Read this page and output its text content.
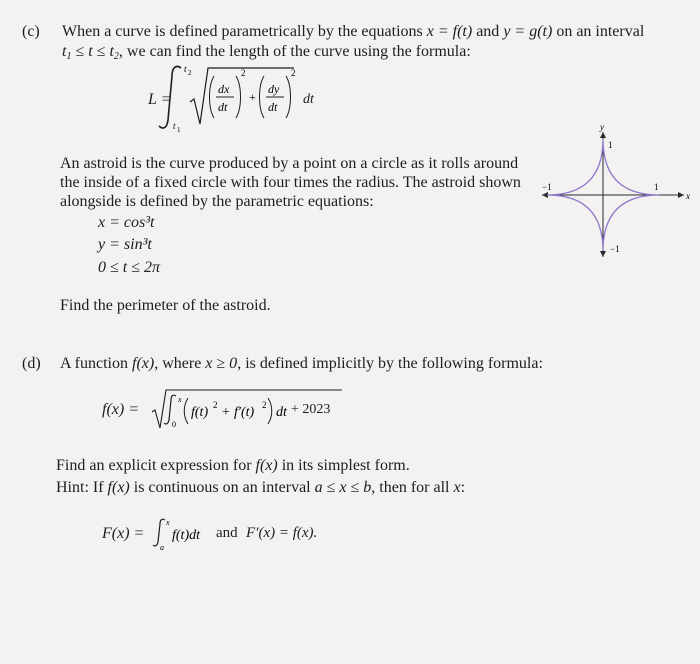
(c) When a curve is defined parametrically by the equations x = f(t) and y = g(t) on an interval
$t_1 \le t \le t_2$, we can find the length of the curve using the formula:
L =
t 2
t 1
dx
dt
2
+
dy
dt
2
dt
An astroid is the curve produced by a point on a circle as it rolls around
the inside of a fixed circle with four times the radius. The astroid shown
alongside is defined by the parametric equations:
x = cos³t
y = sin³t
0 ≤ t ≤ 2π
Find the perimeter of the astroid.
y
x
1
1
−1
−1
(d) A function f(x), where x ≥ 0, is defined implicitly by the following formula:
f(x) =
x
0
f(t) 2 + f′(t) 2 dt + 2023
Find an explicit expression for f(x) in its simplest form.
Hint: If f(x) is continuous on an interval a ≤ x ≤ b, then for all x:
F(x) =
x
a
f(t)dt and F′(x) = f(x).
